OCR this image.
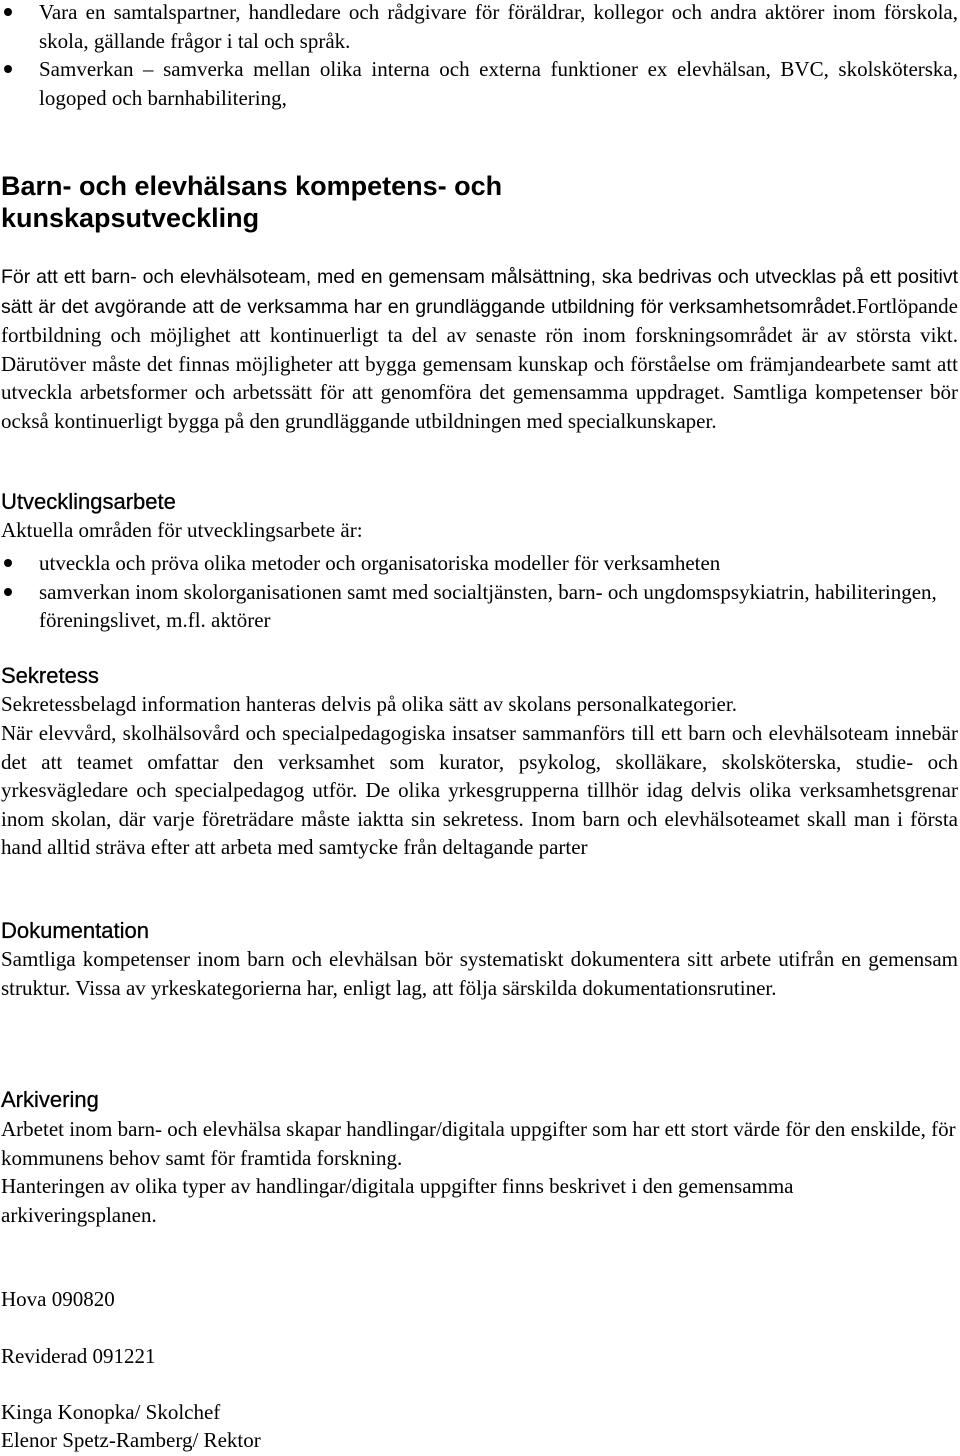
Vara en samtalspartner, handledare och rådgivare för föräldrar, kollegor och andra aktörer inom förskola, skola, gällande frågor i tal och språk.
Samverkan – samverka mellan olika interna och externa funktioner ex elevhälsan, BVC, skolsköterska, logoped och barnhabilitering,
Barn- och elevhälsans kompetens- och kunskapsutveckling

För att ett barn- och elevhälsoteam, med en gemensam målsättning, ska bedrivas och utvecklas på ett positivt sätt är det avgörande att de verksamma har en grundläggande utbildning för verksamhetsområdet.Fortlöpande fortbildning och möjlighet att kontinuerligt ta del av senaste rön inom forskningsområdet är av största vikt. Därutöver måste det finnas möjligheter att bygga gemensam kunskap och förståelse om främjandearbete samt att utveckla arbetsformer och arbetssätt för att genomföra det gemensamma uppdraget. Samtliga kompetenser bör också kontinuerligt bygga på den grundläggande utbildningen med specialkunskaper.

Utvecklingsarbete

Aktuella områden för utvecklingsarbete är:

utveckla och pröva olika metoder och organisatoriska modeller för verksamheten
samverkan inom skolorganisationen samt med socialtjänsten, barn- och ungdomspsykiatrin, habiliteringen, föreningslivet, m.fl. aktörer
Sekretess

Sekretessbelagd information hanteras delvis på olika sätt av skolans personalkategorier.

När elevvård, skolhälsovård och specialpedagogiska insatser sammanförs till ett barn och elevhälsoteam innebär det att teamet omfattar den verksamhet som kurator, psykolog, skolläkare, skolsköterska, studie- och yrkesvägledare och specialpedagog utför. De olika yrkesgrupperna tillhör idag delvis olika verksamhetsgrenar inom skolan, där varje företrädare måste iaktta sin sekretess. Inom barn och elevhälsoteamet skall man i första hand alltid sträva efter att arbeta med samtycke från deltagande parter

Dokumentation

Samtliga kompetenser inom barn och elevhälsan bör systematiskt dokumentera sitt arbete utifrån en gemensam struktur. Vissa av yrkeskategorierna har, enligt lag, att följa särskilda dokumentationsrutiner.

Arkivering

Arbetet inom barn- och elevhälsa skapar handlingar/digitala uppgifter som har ett stort värde för den enskilde, för kommunens behov samt för framtida forskning.

Hanteringen av olika typer av handlingar/digitala uppgifter finns beskrivet i den gemensamma arkiveringsplanen.

Hova 090820

Reviderad 091221

Kinga Konopka/ Skolchef

Elenor Spetz-Ramberg/ Rektor
